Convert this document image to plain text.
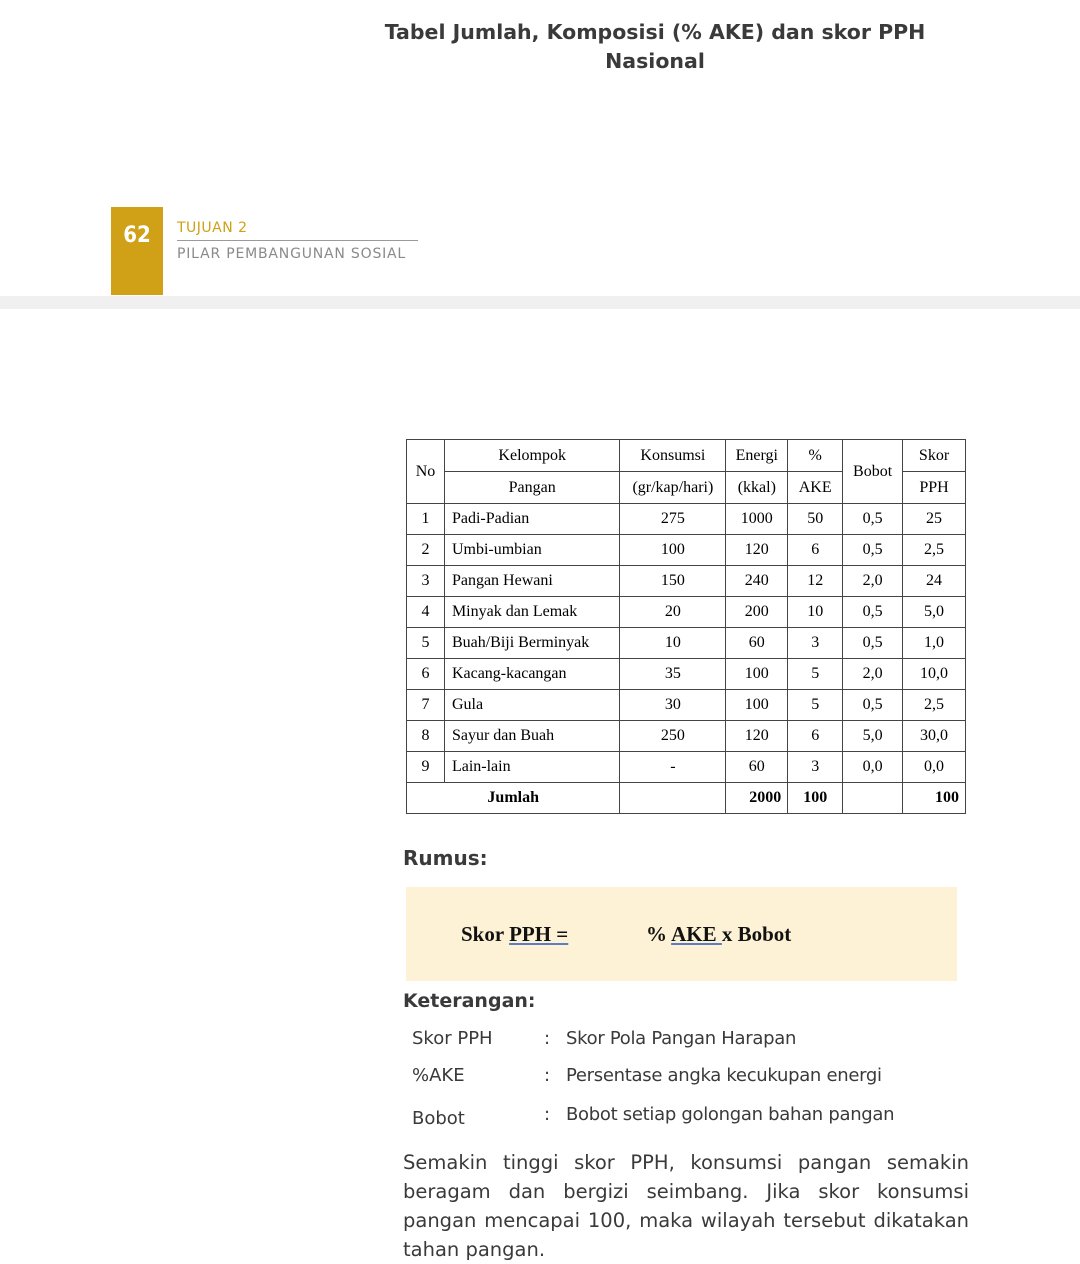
Tabel Jumlah, Komposisi (% AKE) dan skor PPH Nasional
62	TUJUAN 2
PILAR PEMBANGUNAN SOSIAL
No	Kelompok	Konsumsi	Energi	%	Bobot	Skor
	Pangan	(gr/kap/hari)	(kkal)	AKE		PPH
1	Padi-Padian	275	1000	50	0,5	25
2	Umbi-umbian	100	120	6	0,5	2,5
3	Pangan Hewani	150	240	12	2,0	24
4	Minyak dan Lemak	20	200	10	0,5	5,0
5	Buah/Biji Berminyak	10	60	3	0,5	1,0
6	Kacang-kacangan	35	100	5	2,0	10,0
7	Gula	30	100	5	0,5	2,5
8	Sayur dan Buah	250	120	6	5,0	30,0
9	Lain-lain	-	60	3	0,0	0,0
Jumlah			2000	100		100
Rumus:
Skor PPH =	% AKE x Bobot
Keterangan:
Skor PPH	: Skor Pola Pangan Harapan
%AKE	: Persentase angka kecukupan energi
Bobot	: Bobot setiap golongan bahan pangan
Semakin tinggi skor PPH, konsumsi pangan semakin beragam dan bergizi seimbang. Jika skor konsumsi pangan mencapai 100, maka wilayah tersebut dikatakan tahan pangan.
